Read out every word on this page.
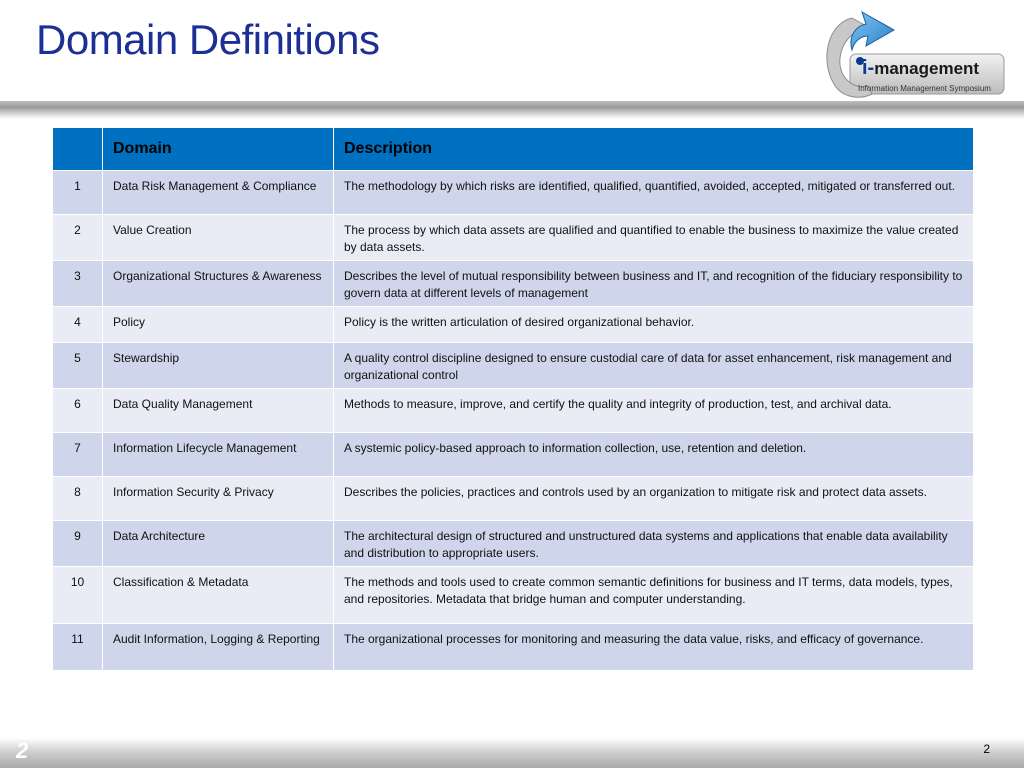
Domain Definitions
i-management
Information Management Symposium
	Domain	Description
1	Data Risk Management & Compliance	The methodology by which risks are identified, qualified, quantified, avoided, accepted, mitigated or transferred out.
2	Value Creation	The process by which data assets are qualified and quantified to enable the business to maximize the value created by data assets.
3	Organizational Structures & Awareness	Describes the level of mutual responsibility between business and IT, and recognition of the fiduciary responsibility to govern data at different levels of management
4	Policy	Policy is the written articulation of desired organizational behavior.
5	Stewardship	A quality control discipline designed to ensure custodial care of data for asset enhancement, risk management and organizational control
6	Data Quality Management	Methods to measure, improve, and certify the quality and integrity of production, test, and archival data.
7	Information Lifecycle Management	A systemic policy-based approach to information collection, use, retention and deletion.
8	Information Security & Privacy	Describes the policies, practices and controls used by an organization to mitigate risk and protect data assets.
9	Data Architecture	The architectural design of structured and unstructured data systems and applications that enable data availability and distribution to appropriate users.
10	Classification & Metadata	The methods and tools used to create common semantic definitions for business and IT terms, data models, types, and repositories. Metadata that bridge human and computer understanding.
11	Audit Information, Logging & Reporting	The organizational processes for monitoring and measuring the data value, risks, and efficacy of governance.
2	2
